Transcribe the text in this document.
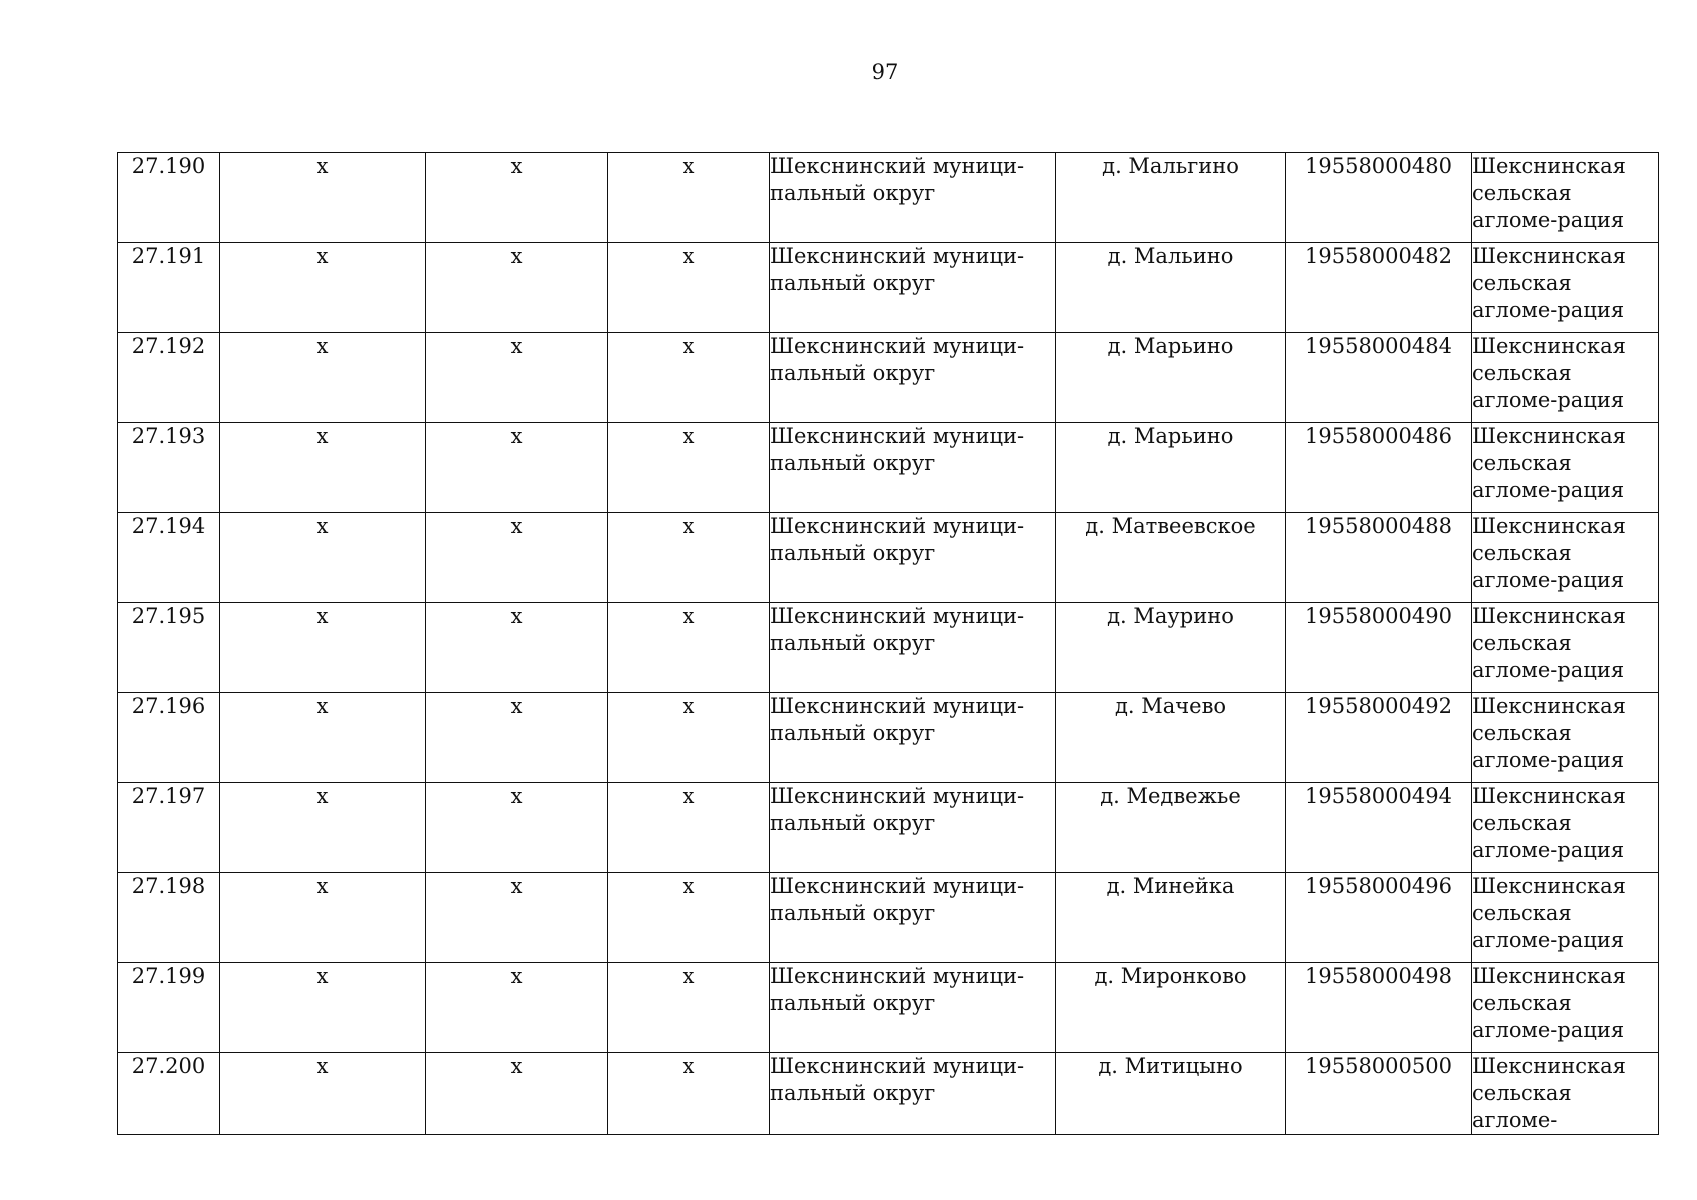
97
27.190	х	х	х	Шекснинский муници-пальный округ	д. Мальгино	19558000480	Шекснинская сельская агломе-рация

27.191	х	х	х	Шекснинский муници-пальный округ	д. Мальино	19558000482	Шекснинская сельская агломе-рация

27.192	х	х	х	Шекснинский муници-пальный округ	д. Марьино	19558000484	Шекснинская сельская агломе-рация

27.193	х	х	х	Шекснинский муници-пальный округ	д. Марьино	19558000486	Шекснинская сельская агломе-рация

27.194	х	х	х	Шекснинский муници-пальный округ	д. Матвеевское	19558000488	Шекснинская сельская агломе-рация

27.195	х	х	х	Шекснинский муници-пальный округ	д. Маурино	19558000490	Шекснинская сельская агломе-рация

27.196	х	х	х	Шекснинский муници-пальный округ	д. Мачево	19558000492	Шекснинская сельская агломе-рация

27.197	х	х	х	Шекснинский муници-пальный округ	д. Медвежье	19558000494	Шекснинская сельская агломе-рация

27.198	х	х	х	Шекснинский муници-пальный округ	д. Минейка	19558000496	Шекснинская сельская агломе-рация

27.199	х	х	х	Шекснинский муници-пальный округ	д. Миронково	19558000498	Шекснинская сельская агломе-рация

27.200	х	х	х	Шекснинский муници-пальный округ	д. Митицыно	19558000500	Шекснинская сельская агломе-
